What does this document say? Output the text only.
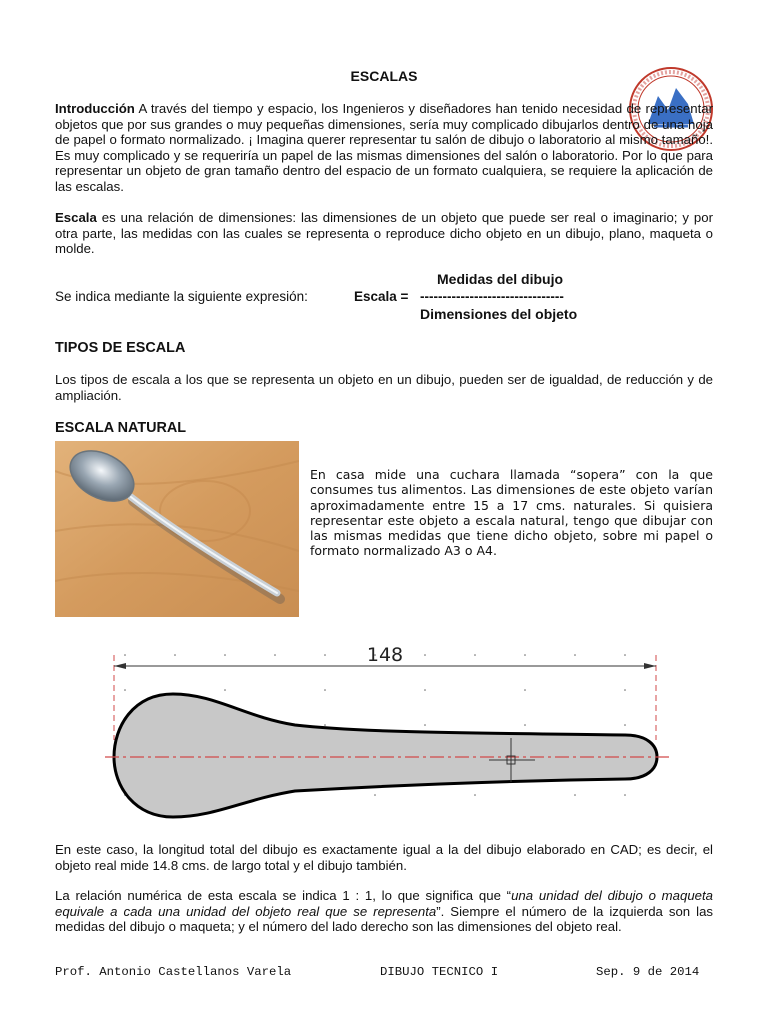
ESCALAS
Introducción A través del tiempo y espacio, los Ingenieros y diseñadores han tenido necesidad de representar objetos que por sus grandes o muy pequeñas dimensiones, sería muy complicado dibujarlos dentro de una hoja de papel o formato normalizado. ¡ Imagina querer representar tu salón de dibujo o laboratorio al mismo tamaño!. Es muy complicado y se requeriría un papel de las mismas dimensiones del salón o laboratorio. Por lo que para representar un objeto de gran tamaño dentro del espacio de un formato cualquiera, se requiere la aplicación de las escalas.
Escala es una relación de dimensiones: las dimensiones de un objeto que puede ser real o imaginario; y por otra parte, las medidas con las cuales se representa o reproduce dicho objeto en un dibujo, plano, maqueta o molde.
Medidas del dibujo
Se indica mediante la siguiente expresión:	Escala = --------------------------------
Dimensiones del objeto
TIPOS DE ESCALA
Los tipos de escala a los que se representa un objeto en un dibujo, pueden ser de igualdad, de reducción y de ampliación.
ESCALA NATURAL
En casa mide una cuchara llamada “sopera” con la que consumes tus alimentos. Las dimensiones de este objeto varían aproximadamente entre 15 a 17 cms. naturales. Si quisiera representar este objeto a escala natural, tengo que dibujar con las mismas medidas que tiene dicho objeto, sobre mi papel o formato normalizado A3 o A4.
148
En este caso, la longitud total del dibujo es exactamente igual a la del dibujo elaborado en CAD; es decir, el objeto real mide 14.8 cms. de largo total y el dibujo también.
La relación numérica de esta escala se indica 1 : 1, lo que significa que “una unidad del dibujo o maqueta equivale a cada una unidad del objeto real que se representa”. Siempre el número de la izquierda son las medidas del dibujo o maqueta; y el número del lado derecho son las dimensiones del objeto real.
Prof. Antonio Castellanos Varela	DIBUJO TECNICO I	Sep. 9 de 2014
